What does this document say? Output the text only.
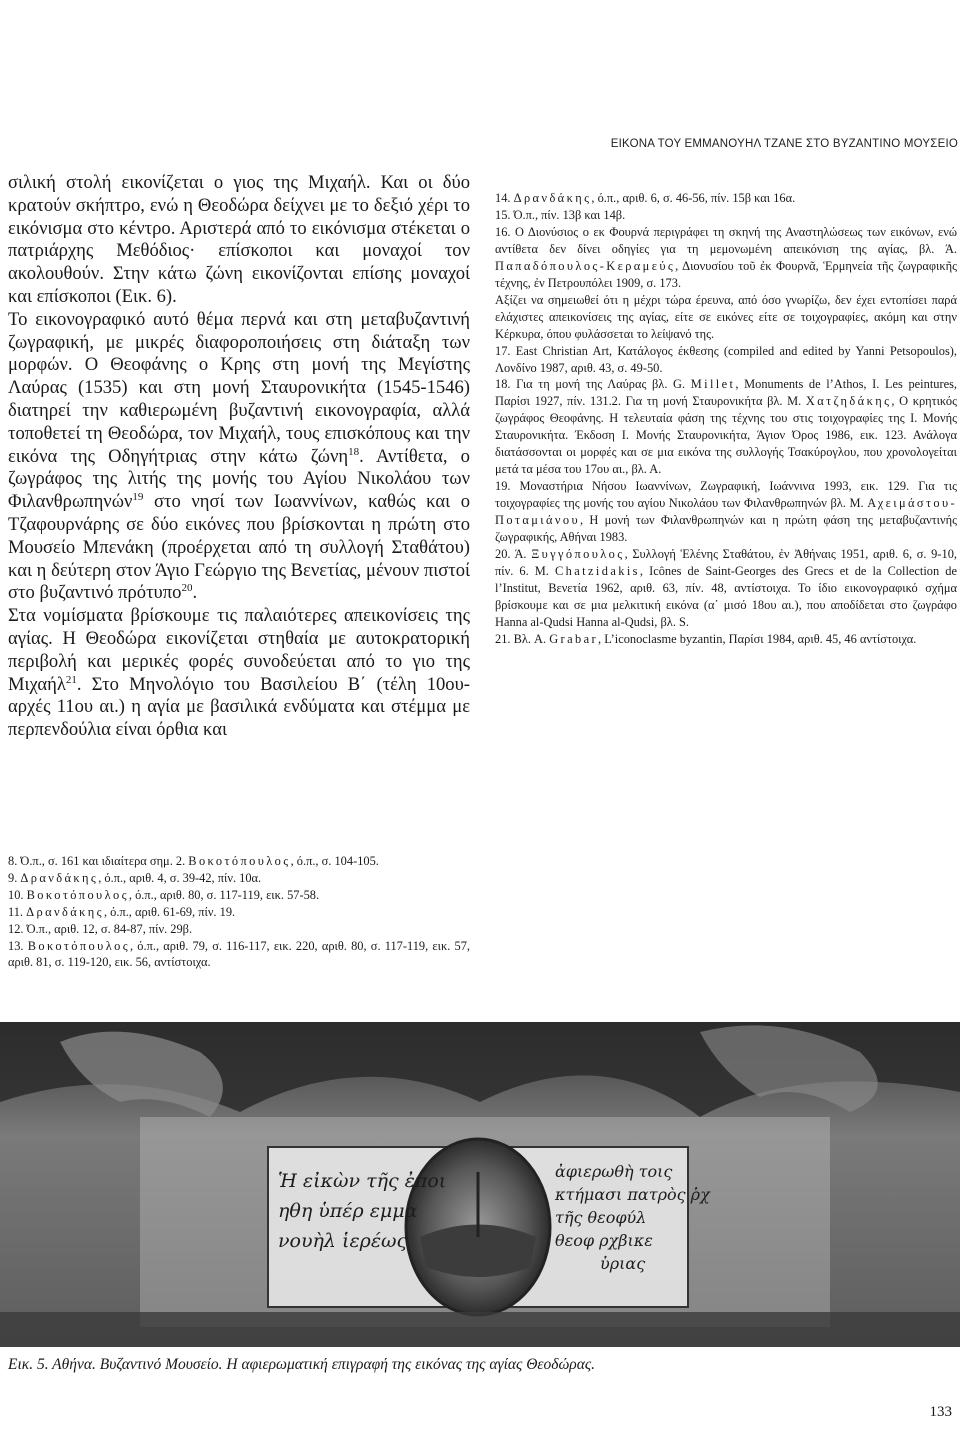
ΕΙΚΟΝΑ ΤΟΥ ΕΜΜΑΝΟΥΗΛ ΤΖΑΝΕ ΣΤΟ ΒΥΖΑΝΤΙΝΟ ΜΟΥΣΕΙΟ

σιλική στολή εικονίζεται ο γιος της Μιχαήλ. Και οι δύο κρατούν σκήπτρο, ενώ η Θεοδώρα δείχνει με το δεξιό χέρι το εικόνισμα στο κέντρο. Αριστερά από το εικόνισμα στέκεται ο πατριάρχης Μεθόδιος· επίσκοποι και μοναχοί τον ακολουθούν. Στην κάτω ζώνη εικονίζονται επίσης μοναχοί και επίσκοποι (Εικ. 6).

Το εικονογραφικό αυτό θέμα περνά και στη μεταβυζαντινή ζωγραφική, με μικρές διαφοροποιήσεις στη διάταξη των μορφών. Ο Θεοφάνης ο Κρης στη μονή της Μεγίστης Λαύρας (1535) και στη μονή Σταυρονικήτα (1545-1546) διατηρεί την καθιερωμένη βυζαντινή εικονογραφία, αλλά τοποθετεί τη Θεοδώρα, τον Μιχαήλ, τους επισκόπους και την εικόνα της Οδηγήτριας στην κάτω ζώνη$^{18}$. Αντίθετα, ο ζωγράφος της λιτής της μονής του Αγίου Νικολάου των Φιλανθρωπηνών$^{19}$ στο νησί των Ιωαννίνων, καθώς και ο Τζαφουρνάρης σε δύο εικόνες που βρίσκονται η πρώτη στο Μουσείο Μπενάκη (προέρχεται από τη συλλογή Σταθάτου) και η δεύτερη στον Άγιο Γεώργιο της Βενετίας, μένουν πιστοί στο βυζαντινό πρότυπο$^{20}$.

Στα νομίσματα βρίσκουμε τις παλαιότερες απεικονίσεις της αγίας. Η Θεοδώρα εικονίζεται στηθαία με αυτοκρατορική περιβολή και μερικές φορές συνοδεύεται από το γιο της Μιχαήλ$^{21}$. Στο Μηνολόγιο του Βασιλείου Β΄ (τέλη 10ου-αρχές 11ου αι.) η αγία με βασιλικά ενδύματα και στέμμα με περπενδούλια είναι όρθια και

8. Ό.π., σ. 161 και ιδιαίτερα σημ. 2. Βοκοτόπουλος, ό.π., σ. 104-105.

9. Δρανδάκης, ό.π., αριθ. 4, σ. 39-42, πίν. 10α.

10. Βοκοτόπουλος, ό.π., αριθ. 80, σ. 117-119, εικ. 57-58.

11. Δρανδάκης, ό.π., αριθ. 61-69, πίν. 19.

12. Ό.π., αριθ. 12, σ. 84-87, πίν. 29β.

13. Βοκοτόπουλος, ό.π., αριθ. 79, σ. 116-117, εικ. 220, αριθ. 80, σ. 117-119, εικ. 57, αριθ. 81, σ. 119-120, εικ. 56, αντίστοιχα.

14. Δρανδάκης, ό.π., αριθ. 6, σ. 46-56, πίν. 15β και 16α.

15. Ό.π., πίν. 13β και 14β.

16. Ο Διονύσιος ο εκ Φουρνά περιγράφει τη σκηνή της Αναστηλώσεως των εικόνων, ενώ αντίθετα δεν δίνει οδηγίες για τη μεμονωμένη απεικόνιση της αγίας, βλ. Ά. Παπαδόπουλος-Κεραμεύς, Διονυσίου τοῦ ἐκ Φουρνᾶ, Ἑρμηνεία τῆς ζωγραφικῆς τέχνης, ἐν Πετρουπόλει 1909, σ. 173.

Αξίζει να σημειωθεί ότι η μέχρι τώρα έρευνα, από όσο γνωρίζω, δεν έχει εντοπίσει παρά ελάχιστες απεικονίσεις της αγίας, είτε σε εικόνες είτε σε τοιχογραφίες, ακόμη και στην Κέρκυρα, όπου φυλάσσεται το λείψανό της.

17. East Christian Art, Κατάλογος έκθεσης (compiled and edited by Yanni Petsopoulos), Λονδίνο 1987, αριθ. 43, σ. 49-50.

18. Για τη μονή της Λαύρας βλ. G. Millet, Monuments de l’Athos, I. Les peintures, Παρίσι 1927, πίν. 131.2. Για τη μονή Σταυρονικήτα βλ. Μ. Χατζηδάκης, Ο κρητικός ζωγράφος Θεοφάνης. Η τελευταία φάση της τέχνης του στις τοιχογραφίες της Ι. Μονής Σταυρονικήτα. Έκδοση Ι. Μονής Σταυρονικήτα, Άγιον Όρος 1986, εικ. 123. Ανάλογα διατάσσονται οι μορφές και σε μια εικόνα της συλλογής Τσακύρογλου, που χρονολογείται μετά τα μέσα του 17ου αι., βλ. Α.

19. Μοναστήρια Νήσου Ιωαννίνων, Ζωγραφική, Ιωάννινα 1993, εικ. 129. Για τις τοιχογραφίες της μονής του αγίου Νικολάου των Φιλανθρωπηνών βλ. Μ. Αχειμάστου-Ποταμιάνου, Η μονή των Φιλανθρωπηνών και η πρώτη φάση της μεταβυζαντινής ζωγραφικής, Αθήναι 1983.

20. Ά. Ξυγγόπουλος, Συλλογή Ἑλένης Σταθάτου, ἐν Ἀθήναις 1951, αριθ. 6, σ. 9-10, πίν. 6. Μ. Chatzidakis, Icônes de Saint-Georges des Grecs et de la Collection de l’Institut, Βενετία 1962, αριθ. 63, πίν. 48, αντίστοιχα. Το ίδιο εικονογραφικό σχήμα βρίσκουμε και σε μια μελκιτική εικόνα (α΄ μισό 18ου αι.), που αποδίδεται στο ζωγράφο Hanna al-Qudsi Hanna al-Qudsi, βλ. S.

21. Βλ. A. Grabar, L’iconoclasme byzantin, Παρίσι 1984, αριθ. 45, 46 αντίστοιχα.

Ἡ εἰκὼν τῆς ἐποι
ηθη ὑπέρ εμμα
νουὴλ ἱερέως
ἀφιερωθὴ τοις
κτήμασι πατρὸς ῥχ
τῆς θεοφύλ
θεοφ ρχβικε
ὑριας
Εικ. 5. Αθήνα. Βυζαντινό Μουσείο. Η αφιερωματική επιγραφή της εικόνας της αγίας Θεοδώρας.
133
